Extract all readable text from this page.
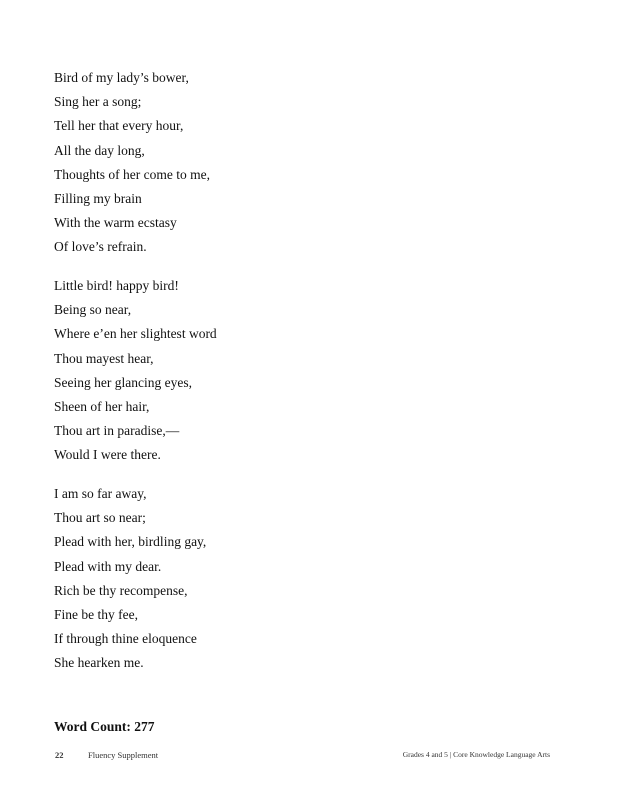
Bird of my lady’s bower,
Sing her a song;
Tell her that every hour,
All the day long,
Thoughts of her come to me,
Filling my brain
With the warm ecstasy
Of love’s refrain.
Little bird! happy bird!
Being so near,
Where e’en her slightest word
Thou mayest hear,
Seeing her glancing eyes,
Sheen of her hair,
Thou art in paradise,—
Would I were there.
I am so far away,
Thou art so near;
Plead with her, birdling gay,
Plead with my dear.
Rich be thy recompense,
Fine be thy fee,
If through thine eloquence
She hearken me.
Word Count: 277
22	Fluency Supplement	Grades 4 and 5 | Core Knowledge Language Arts
